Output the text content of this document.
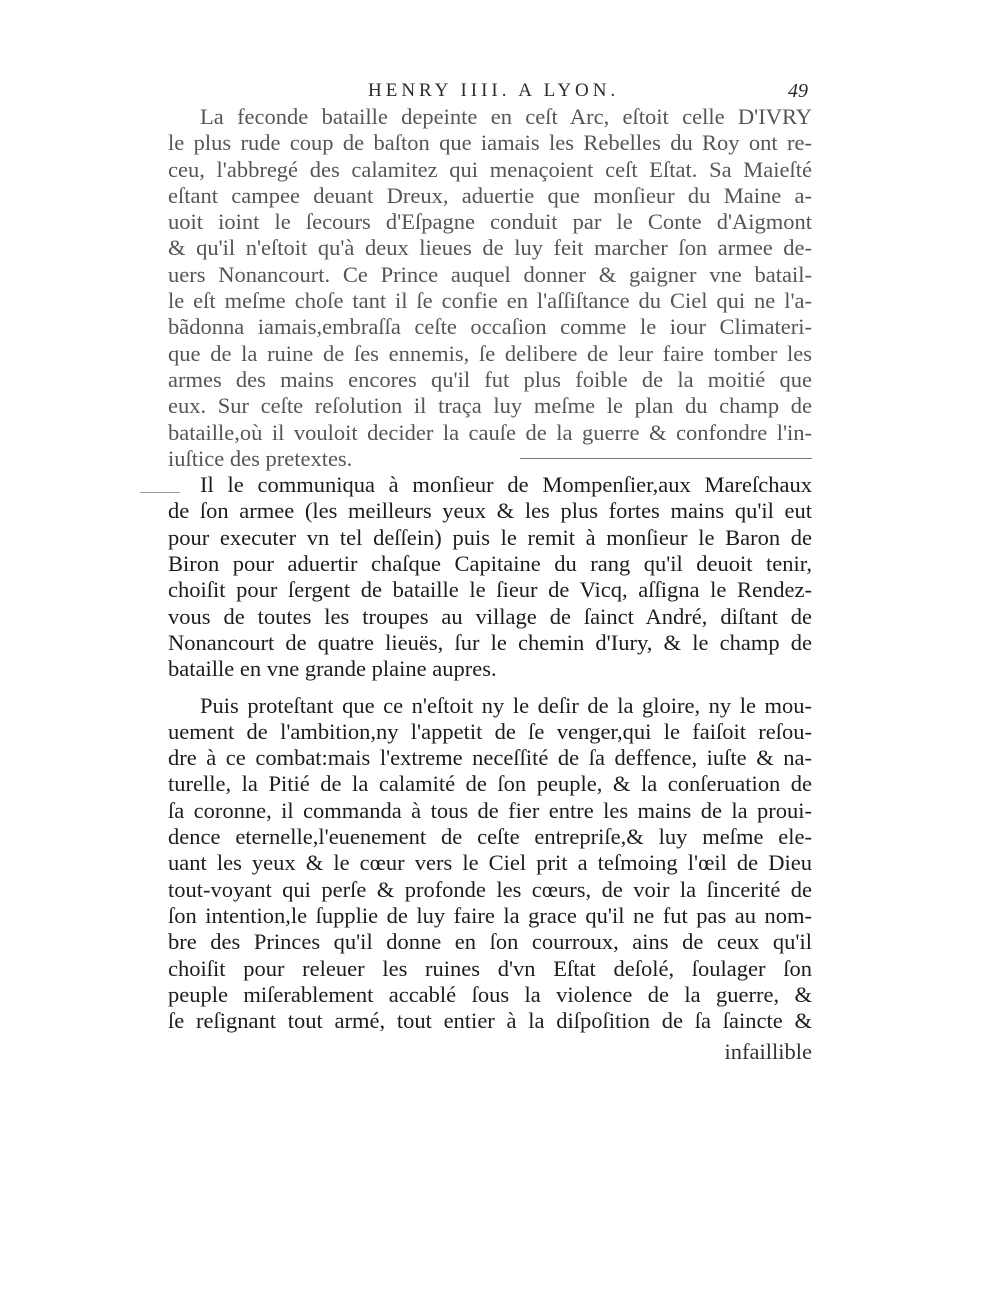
HENRY IIII. A LYON.	49
La feconde bataille depeinte en ceſt Arc, eſtoit celle D'IVRY
le plus rude coup de baſton que iamais les Rebelles du Roy ont re-
ceu, l'abbregé des calamitez qui menaçoient ceſt Eſtat. Sa Maieſté
eſtant campee deuant Dreux, aduertie que monſieur du Maine a-
uoit ioint le ſecours d'Eſpagne conduit par le Conte d'Aigmont
& qu'il n'eſtoit qu'à deux lieues de luy feit marcher ſon armee de-
uers Nonancourt. Ce Prince auquel donner & gaigner vne batail-
le eſt meſme choſe tant il ſe confie en l'aſſiſtance du Ciel qui ne l'a-
bãdonna iamais,embraſſa ceſte occaſion comme le iour Climateri-
que de la ruine de ſes ennemis, ſe delibere de leur faire tomber les
armes des mains encores qu'il fut plus foible de la moitié que
eux. Sur ceſte reſolution il traça luy meſme le plan du champ de
bataille,où il vouloit decider la cauſe de la guerre & confondre l'in-
iuſtice des pretextes.
Il le communiqua à monſieur de Mompenſier,aux Mareſchaux
de ſon armee (les meilleurs yeux & les plus fortes mains qu'il eut
pour executer vn tel deſſein) puis le remit à monſieur le Baron de
Biron pour aduertir chaſque Capitaine du rang qu'il deuoit tenir,
choiſit pour ſergent de bataille le ſieur de Vicq, aſſigna le Rendez-
vous de toutes les troupes au village de ſainct André, diſtant de
Nonancourt de quatre lieuës, ſur le chemin d'Iury, & le champ de
bataille en vne grande plaine aupres.
Puis proteſtant que ce n'eſtoit ny le deſir de la gloire, ny le mou-
uement de l'ambition,ny l'appetit de ſe venger,qui le faiſoit reſou-
dre à ce combat:mais l'extreme neceſſité de ſa deffence, iuſte & na-
turelle, la Pitié de la calamité de ſon peuple, & la conſeruation de
ſa coronne, il commanda à tous de fier entre les mains de la proui-
dence eternelle,l'euenement de ceſte entrepriſe,& luy meſme ele-
uant les yeux & le cœur vers le Ciel prit a teſmoing l'œil de Dieu
tout-voyant qui perſe & profonde les cœurs, de voir la ſincerité de
ſon intention,le ſupplie de luy faire la grace qu'il ne fut pas au nom-
bre des Princes qu'il donne en ſon courroux, ains de ceux qu'il
choiſit pour releuer les ruines d'vn Eſtat deſolé, ſoulager ſon
peuple miſerablement accablé ſous la violence de la guerre, &
ſe reſignant tout armé, tout entier à la diſpoſition de ſa ſaincte &
infaillible
